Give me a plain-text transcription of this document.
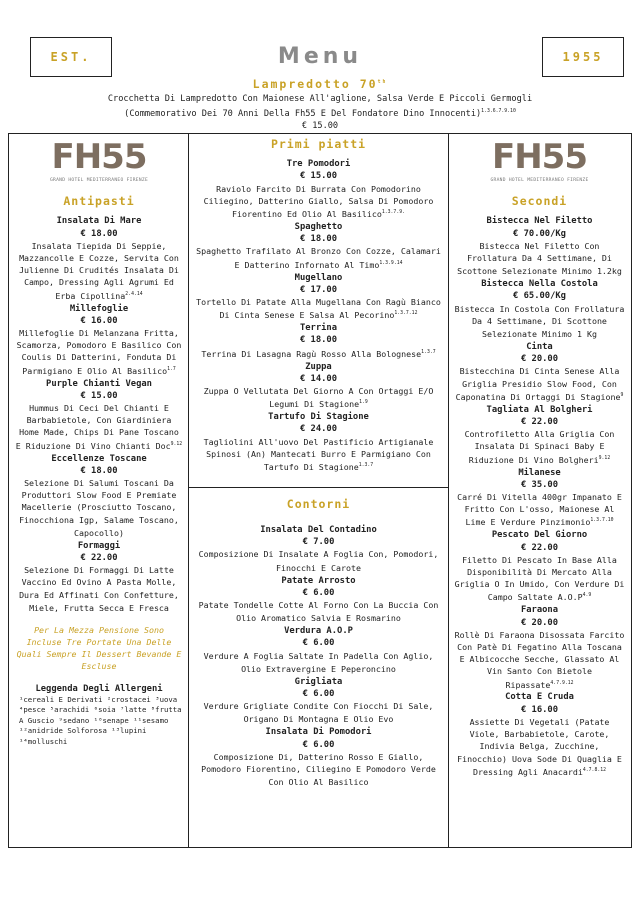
EST.	Menu	1955
Lampredotto 70th
Crocchetta Di Lampredotto Con Maionese All'aglione, Salsa Verde E Piccoli Germogli
(Commemorativo Dei 70 Anni Della Fh55 E Del Fondatore Dino Innocenti)$^{1.3.6.7.9.10}$
€ 15.00
FH55
GRAND HOTEL MEDITERRANEO FIRENZE
Antipasti
Insalata Di Mare
€ 18.00
Insalata Tiepida Di Seppie, Mazzancolle E Cozze, Servita Con Julienne Di Crudités Insalata Di Campo, Dressing Agli Agrumi Ed Erba Cipollina$^{2.4.14}$
Millefoglie
€ 16.00
Millefoglie Di Melanzana Fritta, Scamorza, Pomodoro E Basilico Con Coulis Di Datterini, Fonduta Di Parmigiano E Olio Al Basilico$^{1.7}$
Purple Chianti Vegan
€ 15.00
Hummus Di Ceci Del Chianti E Barbabietole, Con Giardiniera Home Made, Chips Di Pane Toscano E Riduzione Di Vino Chianti Doc$^{9.12}$
Eccellenze Toscane
€ 18.00
Selezione Di Salumi Toscani Da Produttori Slow Food E Premiate Macellerie (Prosciutto Toscano, Finocchiona Igp, Salame Toscano, Capocollo)
Formaggi
€ 22.00
Selezione Di Formaggi Di Latte Vaccino Ed Ovino A Pasta Molle, Dura Ed Affinati Con Confetture, Miele, Frutta Secca E Fresca
Per La Mezza Pensione Sono Incluse Tre Portate Una Delle Quali Sempre Il Dessert Bevande E Escluse
Leggenda Degli Allergeni
¹cereali E Derivati ²crostacei ³uova ⁴pesce ⁵arachidi ⁶soia ⁷latte ⁸frutta A Guscio ⁹sedano ¹⁰senape ¹¹sesamo ¹²anidride Solforosa ¹³lupini ¹⁴molluschi
Primi piatti
Tre Pomodori
€ 15.00
Raviolo Farcito Di Burrata Con Pomodorino Ciliegino, Datterino Giallo, Salsa Di Pomodoro Fiorentino Ed Olio Al Basilico$^{1.3.7.9.}$
Spaghetto
€ 18.00
Spaghetto Trafilato Al Bronzo Con Cozze, Calamari E Datterino Infornato Al Timo$^{1.3.9.14}$
Mugellano
€ 17.00
Tortello Di Patate Alla Mugellana Con Ragù Bianco Di Cinta Senese E Salsa Al Pecorino$^{1.3.7.12}$
Terrina
€ 18.00
Terrina Di Lasagna Ragù Rosso Alla Bolognese$^{1.3.7}$
Zuppa
€ 14.00
Zuppa O Vellutata Del Giorno A Con Ortaggi E/O Legumi Di Stagione$^{1.9}$
Tartufo Di Stagione
€ 24.00
Tagliolini All'uovo Del Pastificio Artigianale Spinosi (An) Mantecati Burro E Parmigiano Con Tartufo Di Stagione$^{1.3.7}$
Contorni
Insalata Del Contadino
€ 7.00
Composizione Di Insalate A Foglia Con, Pomodori, Finocchi E Carote
Patate Arrosto
€ 6.00
Patate Tondelle Cotte Al Forno Con La Buccia Con Olio Aromatico Salvia E Rosmarino
Verdura A.O.P
€ 6.00
Verdure A Foglia Saltate In Padella Con Aglio, Olio Extravergine E Peperoncino
Grigliata
€ 6.00
Verdure Grigliate Condite Con Fiocchi Di Sale, Origano Di Montagna E Olio Evo
Insalata Di Pomodori
€ 6.00
Composizione Di, Datterino Rosso E Giallo, Pomodoro Fiorentino, Ciliegino E Pomodoro Verde Con Olio Al Basilico
FH55
GRAND HOTEL MEDITERRANEO FIRENZE
Secondi
Bistecca Nel Filetto
€ 70.00/Kg
Bistecca Nel Filetto Con Frollatura Da 4 Settimane, Di Scottone Selezionate Minimo 1.2kg
Bistecca Nella Costola
€ 65.00/Kg
Bistecca In Costola Con Frollatura Da 4 Settimane, Di Scottone Selezionate Minimo 1 Kg
Cinta
€ 20.00
Bistecchina Di Cinta Senese Alla Griglia Presidio Slow Food, Con Caponatina Di Ortaggi Di Stagione$^9$
Tagliata Al Bolgheri
€ 22.00
Controfiletto Alla Griglia Con Insalata Di Spinaci Baby E Riduzione Di Vino Bolgheri$^{9.12}$
Milanese
€ 35.00
Carré Di Vitella 400gr Impanato E Fritto Con L'osso, Maionese Al Lime E Verdure Pinzimonio$^{1.3.7.10}$
Pescato Del Giorno
€ 22.00
Filetto Di Pescato In Base Alla Disponibilità Di Mercato Alla Griglia O In Umido, Con Verdure Di Campo Saltate $A.O.P^{4.9}$
Faraona
€ 20.00
Rollè Di Faraona Disossata Farcito Con Patè Di Fegatino Alla Toscana E Albicocche Secche, Glassato Al Vin Santo Con Bietole Ripassate$^{4.7.9.12}$
Cotta E Cruda
€ 16.00
Assiette Di Vegetali (Patate Viole, Barbabietole, Carote, Indivia Belga, Zucchine, Finocchio) Uova Sode Di Quaglia E Dressing Agli Anacardi$^{4.7.8.12}$
